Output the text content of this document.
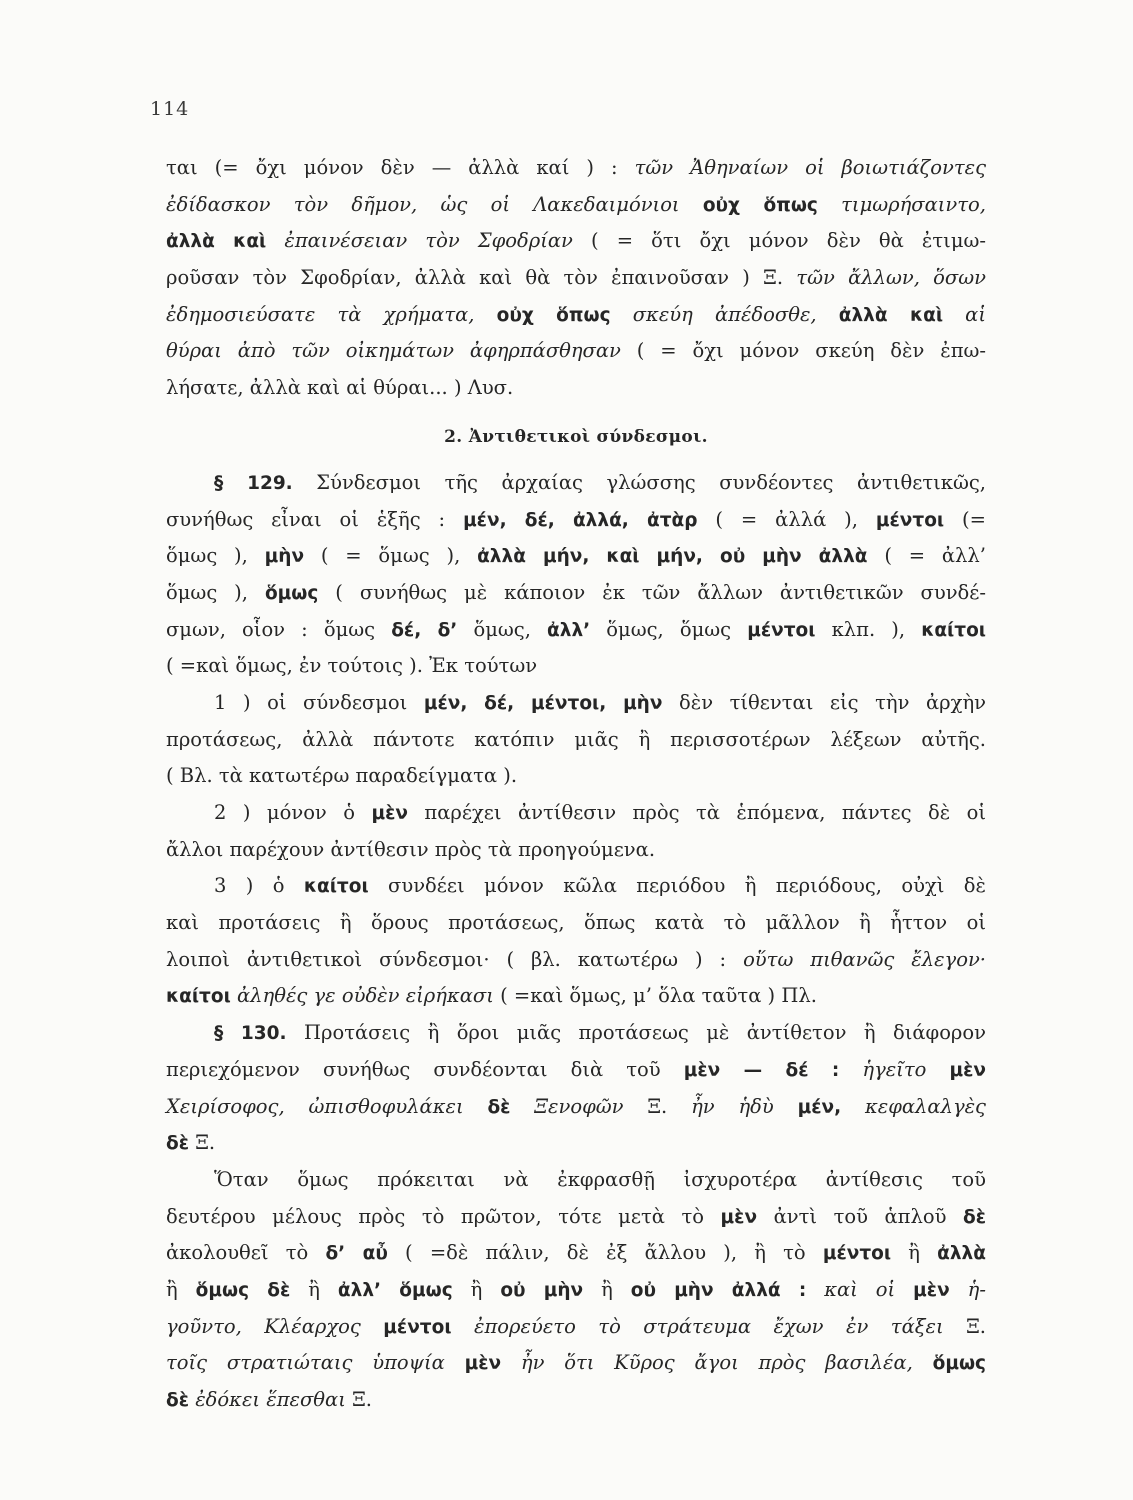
114
ται (= ὄχι μόνον δὲν — ἀλλὰ καί ) : τῶν Ἀθηναίων οἱ βοιωτιάζοντες
ἐδίδασκον τὸν δῆμον, ὡς οἱ Λακεδαιμόνιοι οὐχ ὅπως τιμωρήσαιντο,
ἀλλὰ καὶ ἐπαινέσειαν τὸν Σφοδρίαν ( = ὅτι ὄχι μόνον δὲν θὰ ἐτιμω-
ροῦσαν τὸν Σφοδρίαν, ἀλλὰ καὶ θὰ τὸν ἐπαινοῦσαν ) Ξ. τῶν ἄλλων, ὅσων
ἐδημοσιεύσατε τὰ χρήματα, οὐχ ὅπως σκεύη ἀπέδοσθε, ἀλλὰ καὶ αἱ
θύραι ἀπὸ τῶν οἰκημάτων ἀφηρπάσθησαν ( = ὄχι μόνον σκεύη δὲν ἐπω-
λήσατε, ἀλλὰ καὶ αἱ θύραι... ) Λυσ.
2. Ἀντιθετικοὶ σύνδεσμοι.
§ 129. Σύνδεσμοι τῆς ἀρχαίας γλώσσης συνδέοντες ἀντιθετικῶς,
συνήθως εἶναι οἱ ἑξῆς : μέν, δέ, ἀλλά, ἀτὰρ ( = ἀλλά ), μέντοι (=
ὅμως ), μὴν ( = ὅμως ), ἀλλὰ μήν, καὶ μήν, οὐ μὴν ἀλλὰ ( = ἀλλ’
ὅμως ), ὅμως ( συνήθως μὲ κάποιον ἐκ τῶν ἄλλων ἀντιθετικῶν συνδέ-
σμων, οἷον : ὅμως δέ, δ’ ὅμως, ἀλλ’ ὅμως, ὅμως μέντοι κλπ. ), καίτοι
( =καὶ ὅμως, ἐν τούτοις ). Ἐκ τούτων
1 ) οἱ σύνδεσμοι μέν, δέ, μέντοι, μὴν δὲν τίθενται εἰς τὴν ἀρχὴν
προτάσεως, ἀλλὰ πάντοτε κατόπιν μιᾶς ἢ περισσοτέρων λέξεων αὐτῆς.
( Βλ. τὰ κατωτέρω παραδείγματα ).
2 ) μόνον ὁ μὲν παρέχει ἀντίθεσιν πρὸς τὰ ἑπόμενα, πάντες δὲ οἱ
ἄλλοι παρέχουν ἀντίθεσιν πρὸς τὰ προηγούμενα.
3 ) ὁ καίτοι συνδέει μόνον κῶλα περιόδου ἢ περιόδους, οὐχὶ δὲ
καὶ προτάσεις ἢ ὅρους προτάσεως, ὅπως κατὰ τὸ μᾶλλον ἢ ἧττον οἱ
λοιποὶ ἀντιθετικοὶ σύνδεσμοι· ( βλ. κατωτέρω ) : οὕτω πιθανῶς ἔλεγον·
καίτοι ἀληθές γε οὐδὲν εἰρήκασι ( =καὶ ὅμως, μ’ ὅλα ταῦτα ) Πλ.
§ 130. Προτάσεις ἢ ὅροι μιᾶς προτάσεως μὲ ἀντίθετον ἢ διάφορον
περιεχόμενον συνήθως συνδέονται διὰ τοῦ μὲν — δέ : ἡγεῖτο μὲν
Χειρίσοφος, ὠπισθοφυλάκει δὲ Ξενοφῶν Ξ. ἦν ἡδὺ μέν, κεφαλαλγὲς
δὲ Ξ.
Ὅταν ὅμως πρόκειται νὰ ἐκφρασθῇ ἰσχυροτέρα ἀντίθεσις τοῦ
δευτέρου μέλους πρὸς τὸ πρῶτον, τότε μετὰ τὸ μὲν ἀντὶ τοῦ ἁπλοῦ δὲ
ἀκολουθεῖ τὸ δ’ αὖ ( =δὲ πάλιν, δὲ ἐξ ἄλλου ), ἢ τὸ μέντοι ἢ ἀλλὰ
ἢ ὅμως δὲ ἢ ἀλλ’ ὅμως ἢ οὐ μὴν ἢ οὐ μὴν ἀλλά : καὶ οἱ μὲν ἡ-
γοῦντο, Κλέαρχος μέντοι ἐπορεύετο τὸ στράτευμα ἔχων ἐν τάξει Ξ.
τοῖς στρατιώταις ὑποψία μὲν ἦν ὅτι Κῦρος ἄγοι πρὸς βασιλέα, ὅμως
δὲ ἐδόκει ἕπεσθαι Ξ.
